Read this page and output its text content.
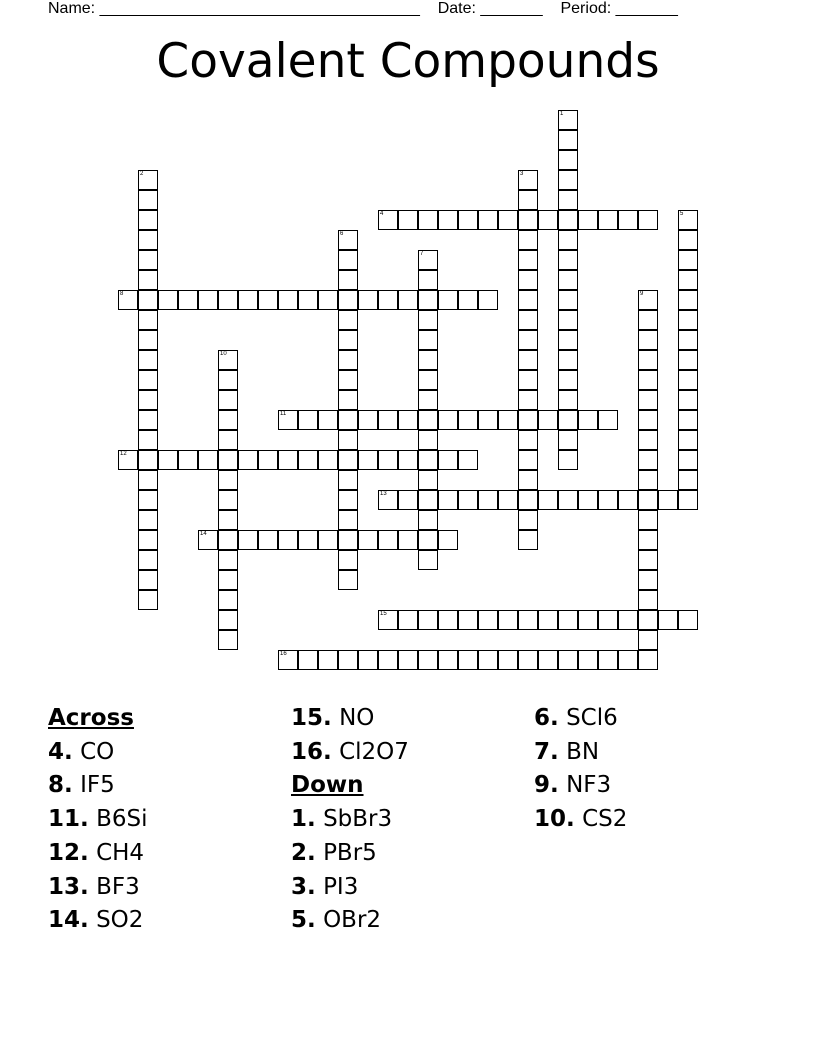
Name: ____________________________________ Date: _______ Period: _______
Covalent Compounds
1
2	3
4	5
6
7
8	9
10
11
12
13
14
15
16
Across
4. CO
8. IF5
11. B6Si
12. CH4
13. BF3
14. SO2
15. NO
16. Cl2O7
Down
1. SbBr3
2. PBr5
3. PI3
5. OBr2
6. SCl6
7. BN
9. NF3
10. CS2
